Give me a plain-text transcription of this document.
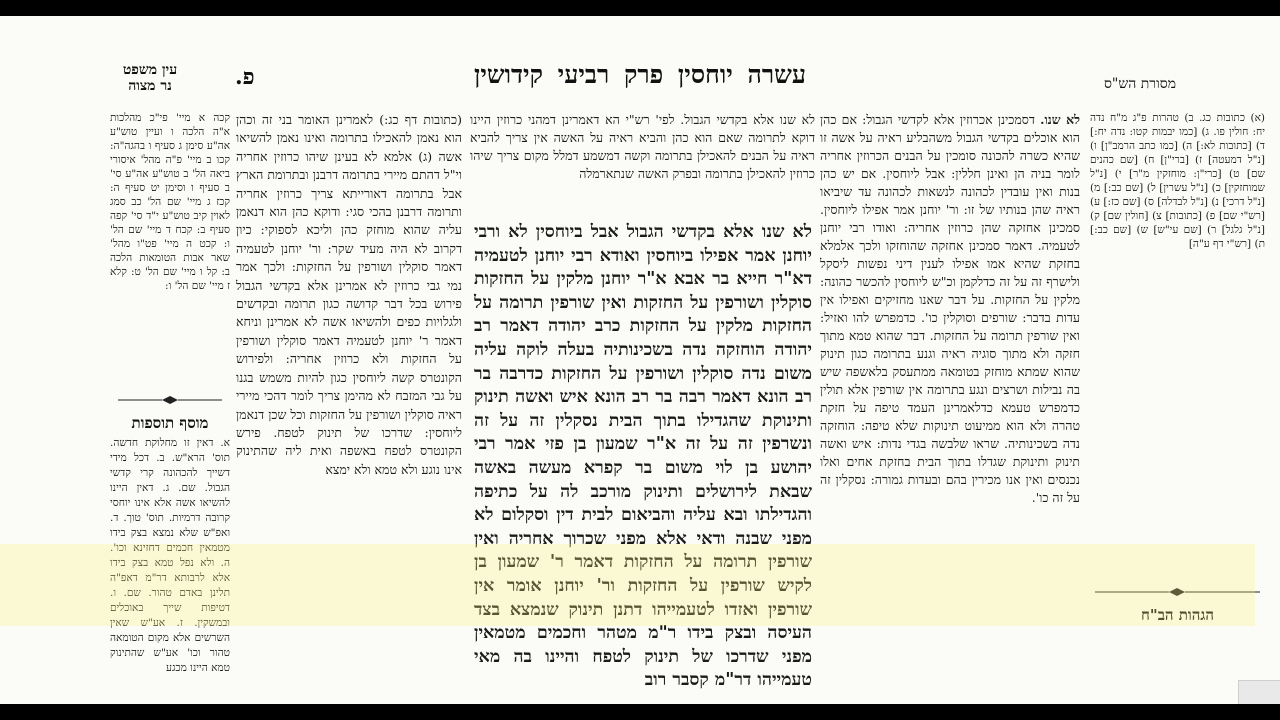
עשרה יוחסין פרק רביעי קידושין
פ.
עין משפט
נר מצוה	מסורת הש"ס

לא שנו. דסמכינן אכרוזין אלא לקדשי הגבול: אם כהן הוא אוכלים בקדשי הגבול משהבליע ראיה על אשה זו שהיא כשרה להכונה סומכין על הבנים הכרוזין אחריה לומר בניה הן ואינן חללין: אבל ליוחסין. אם יש כהן בנות ואין עובדין לכהונה לנשאות לכהונה עד שיביאו ראיה שהן בנותיו של זו: ור' יוחנן אמר אפילו ליוחסין. סמכינן אחזקה שהן כרוזין אחריה: ואודו רבי יוחנן לטעמיה. דאמר סמכינן אחזקה שהוחזקו ולכך אלמלא בחזקת שהיא אמו אפילו לענין דיני נפשות ליסקל ולישרף זה על זה כדלקמן וכ"ש ליוחסין להכשר כהונה: מלקין על החזקות. על דבר שאנו מחזיקים ואפילו אין עדות בדבר: שורפים וסוקלין כו'. כדמפרש להו ואזיל: ואין שורפין תרומה על החזקות. דבר שהוא טמא מתוך חזקה ולא מתוך סוגיה ראיה וגנע בתרומה כגון תינוק שהוא שמתא מוחזק בטומאה ממתעסק בלאשפה שיש בה נבילות ושרצים ונגע בתרומה אין שורפין אלא תולין כדמפרש טעמא כדלאמרינן העמד טיפה על חזקת טהרה ולא הוא ממיעוט תינוקות שלא טיפה: הוחזקה נדה בשכינותיה. שראו שלבשה בגדי נדות: איש ואשה תינוק ותינוקת שגדלו בתוך הבית בחזקת אחים ואלו נכנסים ואין אנו מכירין בהם ובעדות גמורה: נסקלין זה על זה כו'.

לא שנו אלא בקדשי הגבול. לפי' רש"י הא דאמרינן דמהני כרוזין היינו דוקא לתרומה שאם הוא כהן והביא ראיה על האשה אין צריך להביא ראיה על הבנים להאכילן בתרומה וקשה דמשמע דמלל מקום צריך שיהו כרוזין להאכילן בתרומה ובפרק האשה שנתארמלה

לא שנו אלא בקדשי הגבול אבל ביוחסין לא ורבי יוחנן אמר אפילו ביוחסין ואודא רבי יוחנן לטעמיה דא"ר חייא בר אבא א"ר יוחנן מלקין על החזקות סוקלין ושורפין על החזקות ואין שורפין תרומה על החזקות מלקין על החזקות כרב יהודה דאמר רב יהודה הוחזקה נדה בשכינותיה בעלה לוקה עליה משום נדה סוקלין ושורפין על החזקות כדרבה בר רב הונא דאמר רבה בר רב הונא איש ואשה תינוק ותינוקת שהגדילו בתוך הבית נסקלין זה על זה ונשרפין זה על זה א"ר שמעון בן פזי אמר רבי יהושע בן לוי משום בר קפרא מעשה באשה שבאת לירושלים ותינוק מורכב לה על כתיפה והגדילתו ובא עליה והביאום לבית דין וסקלום לא מפני שבנה ודאי אלא מפני שכרוך אחריה ואין שורפין תרומה על החזקות דאמר ר' שמעון בן לקיש שורפין על החזקות ור' יוחנן אומר אין שורפין ואזדו לטעמייהו דתנן תינוק שנמצא בצד העיסה ובצק בידו ר"מ מטהר וחכמים מטמאין מפני שדרכו של תינוק לטפח והיינו בה מאי טעמייהו דר"מ קסבר רוב

(כתובות דף כג:) לאמרינן האומר בני זה וכהן הוא נאמן להאכילו בתרומה ואינו נאמן להשיאו אשה (ג) אלמא לא בעינן שיהו כרוזין אחריה וי"ל דהתם מיירי בתרומה דרבנן ובתרומת הארץ אבל בתרומה דאורייתא צריך כרוזין אחריה ותרומה דרבנן בהכי סגי: ודוקא כהן הוא דנאמן עליה שהוא מוחזק כהן וליכא לספוקי: כיון דקרוב לא היה מעיד שקר: ור' יוחנן לטעמיה דאמר סוקלין ושורפין על החזקות: ולכך אמר נמי גבי כרוזין לא אמרינן אלא בקדשי הגבול פירוש בכל דבר קדושה כגון תרומה ובקדשים ולגלויות כפים ולהשיאו אשה לא אמרינן וניחא דאמר ר' יוחנן לטעמיה דאמר סוקלין ושורפין על החזקות ולא כרוזין אחריה: ולפירוש הקונטרס קשה ליוחסין כגון להיות משמש בגנו על גבי המזבח לא מהימן צריך לומר דהכי מיירי ראיה סוקלין ושורפין על החזקות וכל שכן דנאמן ליוחסין: שדרכו של תינוק לטפח. פירש הקונטרס לטפח באשפה ואית ליה שהתינוק אינו נוגע ולא טמא ולא ימצא

(א) כתובות כג. ב) טהרות פ"ג מ"ח נדה יח: חולין פו. ג) [כמו יבמות קטו: נדה יח:] ד) [כתובות לא:] ה) [כמו כתב הרמב"ן] ו) [נ"ל דמעטה] ז) [ברי"ן] ח) [שם כהנים שם] ט) [כרי"ן: מוחזקין מ"ר] י) [נ"ל שמוחזקין] כ) [נ"ל עשרין] ל) [שם כב:] מ) [נ"ל דרכי] נ) [נ"ל לבדלה] ס) [שם כז:] ע) [רש"י שם] פ) [כתובות] צ) [חולין שם] ק) [נ"ל גלגל] ר) [שם עי"ש] ש) [שם כב:] ת) [רש"י דף ע"ה]

קכה א מיי' פי"כ מהלכות א"ה הלכה ו ועיין טוש"ע אה"ע סימן ג סעיף ו בהגה"ה: קכו ב מיי' פ"ה מהל' איסורי ביאה הל' ב טוש"ע אה"ע סי' ב סעיף ו וסימן יט סעיף ה: קכז ג מיי' שם הל' כב סמג לאוין קיב טוש"ע י"ד סי' קפה סעיף ב: קכח ד מיי' שם הל' ו: קכט ה מיי' פט"ו מהל' שאר אבות הטומאות הלכה ב: קל ו מיי' שם הל' ט: קלא ז מיי' שם הל' ו:

מוסף תוספות

א. דאין זו מחלוקת חדשה. תוס' הרא"ש. ב. דכל מידי דשייך להכהונה קרי קדשי הגבול. שם. ג. דאין היינו להשיאו אשה אלא אינו יוחסי קרובה דרמיות. תוס' טוך. ד. ואפ"ש שלא נמצא בצק בידו מטמאין חכמים דחזינא וכו'. ה. ולא נפל טמא בצק בידו אלא לרבותא דר"מ דאפ"ה תלינן באדם טהור. שם. ו. דטיפות שייך באוכלים ובמשקין. ז. אע"ש שאין השרשים אלא מקום הטומאה טהור וכו' אע"ש שהתינוק טמא היינו מכגע

הגהות הב"ח
